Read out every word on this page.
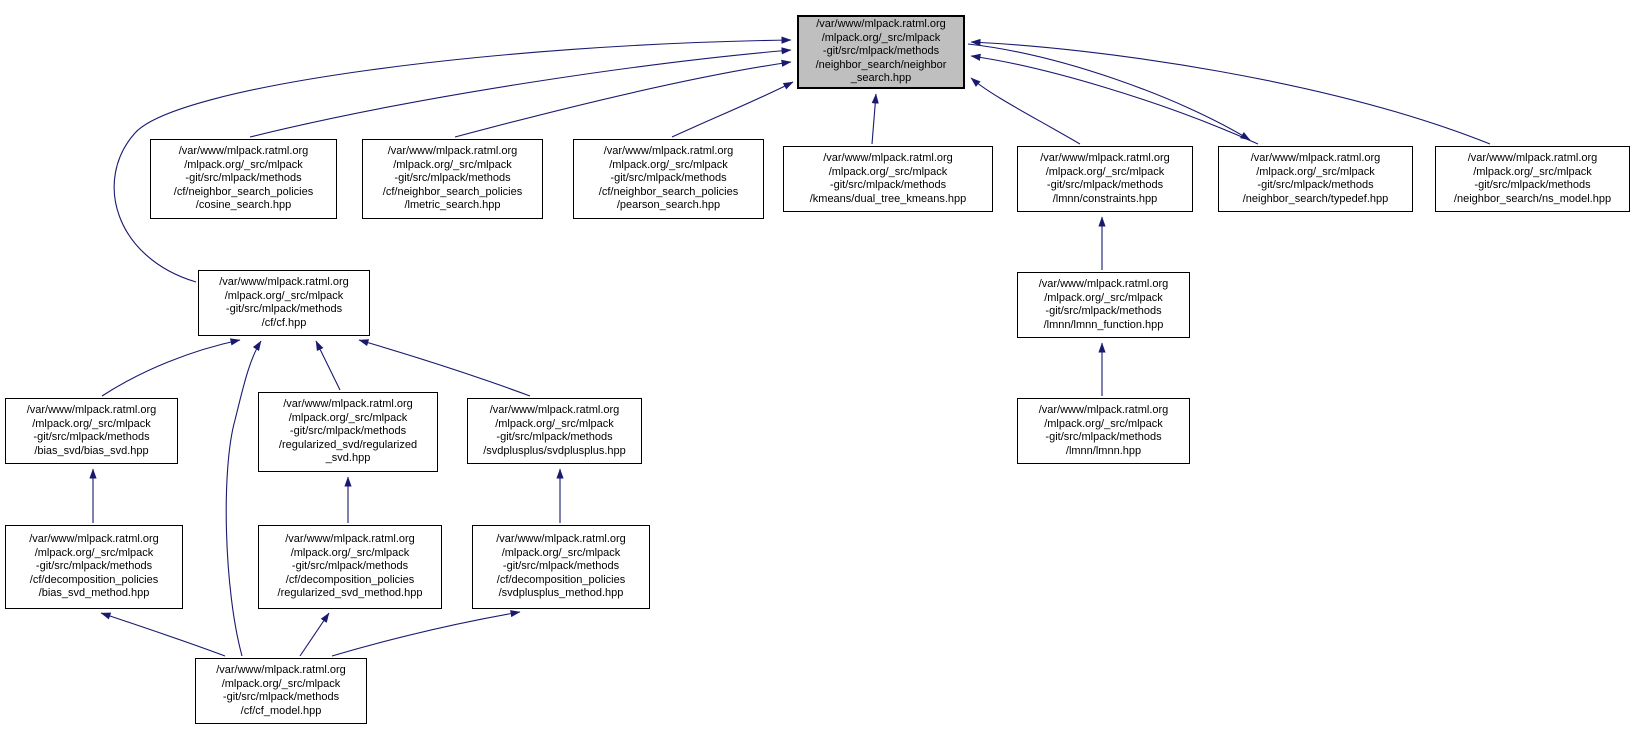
/var/www/mlpack.ratml.org
/mlpack.org/_src/mlpack
-git/src/mlpack/methods
/neighbor_search/neighbor
_search.hpp
/var/www/mlpack.ratml.org
/mlpack.org/_src/mlpack
-git/src/mlpack/methods
/cf/neighbor_search_policies
/cosine_search.hpp
/var/www/mlpack.ratml.org
/mlpack.org/_src/mlpack
-git/src/mlpack/methods
/cf/neighbor_search_policies
/lmetric_search.hpp
/var/www/mlpack.ratml.org
/mlpack.org/_src/mlpack
-git/src/mlpack/methods
/cf/neighbor_search_policies
/pearson_search.hpp
/var/www/mlpack.ratml.org
/mlpack.org/_src/mlpack
-git/src/mlpack/methods
/kmeans/dual_tree_kmeans.hpp
/var/www/mlpack.ratml.org
/mlpack.org/_src/mlpack
-git/src/mlpack/methods
/lmnn/constraints.hpp
/var/www/mlpack.ratml.org
/mlpack.org/_src/mlpack
-git/src/mlpack/methods
/neighbor_search/typedef.hpp
/var/www/mlpack.ratml.org
/mlpack.org/_src/mlpack
-git/src/mlpack/methods
/neighbor_search/ns_model.hpp
/var/www/mlpack.ratml.org
/mlpack.org/_src/mlpack
-git/src/mlpack/methods
/cf/cf.hpp
/var/www/mlpack.ratml.org
/mlpack.org/_src/mlpack
-git/src/mlpack/methods
/lmnn/lmnn_function.hpp
/var/www/mlpack.ratml.org
/mlpack.org/_src/mlpack
-git/src/mlpack/methods
/bias_svd/bias_svd.hpp
/var/www/mlpack.ratml.org
/mlpack.org/_src/mlpack
-git/src/mlpack/methods
/regularized_svd/regularized
_svd.hpp
/var/www/mlpack.ratml.org
/mlpack.org/_src/mlpack
-git/src/mlpack/methods
/svdplusplus/svdplusplus.hpp
/var/www/mlpack.ratml.org
/mlpack.org/_src/mlpack
-git/src/mlpack/methods
/lmnn/lmnn.hpp
/var/www/mlpack.ratml.org
/mlpack.org/_src/mlpack
-git/src/mlpack/methods
/cf/decomposition_policies
/bias_svd_method.hpp
/var/www/mlpack.ratml.org
/mlpack.org/_src/mlpack
-git/src/mlpack/methods
/cf/decomposition_policies
/regularized_svd_method.hpp
/var/www/mlpack.ratml.org
/mlpack.org/_src/mlpack
-git/src/mlpack/methods
/cf/decomposition_policies
/svdplusplus_method.hpp
/var/www/mlpack.ratml.org
/mlpack.org/_src/mlpack
-git/src/mlpack/methods
/cf/cf_model.hpp
